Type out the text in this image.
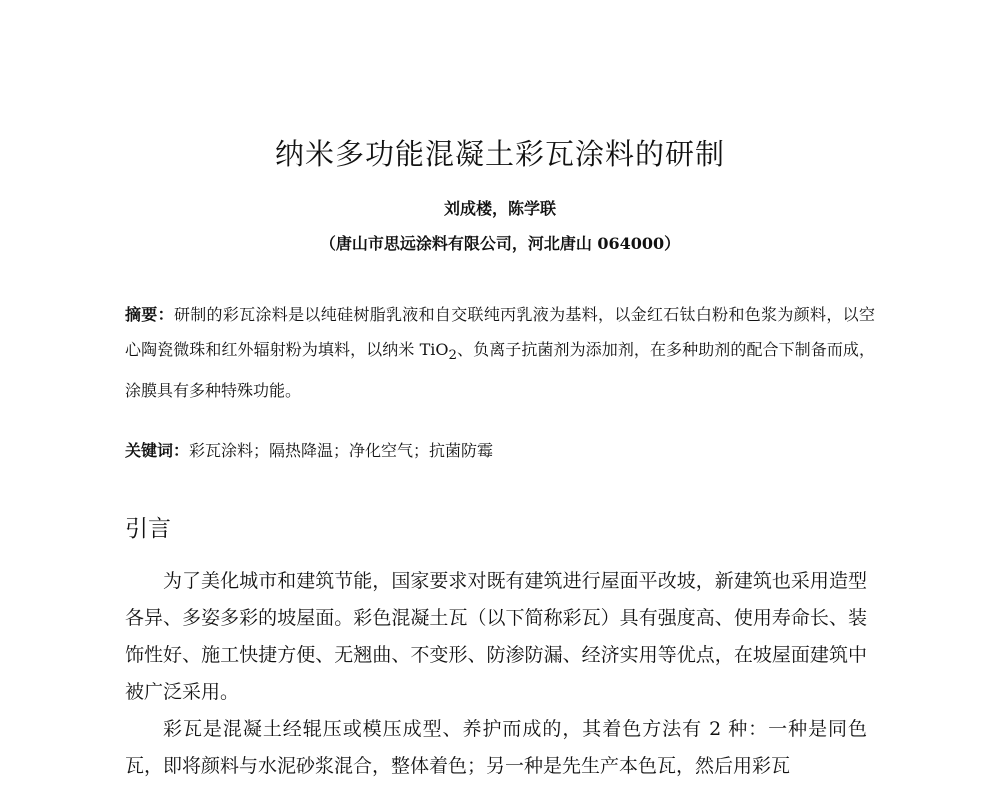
纳米多功能混凝土彩瓦涂料的研制
刘成楼，陈学联
（唐山市思远涂料有限公司，河北唐山 064000）
摘要：研制的彩瓦涂料是以纯硅树脂乳液和自交联纯丙乳液为基料，以金红石钛白粉和色浆为颜料，以空心陶瓷微珠和红外辐射粉为填料，以纳米 TiO$_2$、负离子抗菌剂为添加剂，在多种助剂的配合下制备而成，涂膜具有多种特殊功能。
关键词：彩瓦涂料；隔热降温；净化空气；抗菌防霉
引言

为了美化城市和建筑节能，国家要求对既有建筑进行屋面平改坡，新建筑也采用造型各异、多姿多彩的坡屋面。彩色混凝土瓦（以下简称彩瓦）具有强度高、使用寿命长、装饰性好、施工快捷方便、无翘曲、不变形、防渗防漏、经济实用等优点，在坡屋面建筑中被广泛采用。

彩瓦是混凝土经辊压或模压成型、养护而成的，其着色方法有 2 种：一种是同色瓦，即将颜料与水泥砂浆混合，整体着色；另一种是先生产本色瓦，然后用彩瓦
